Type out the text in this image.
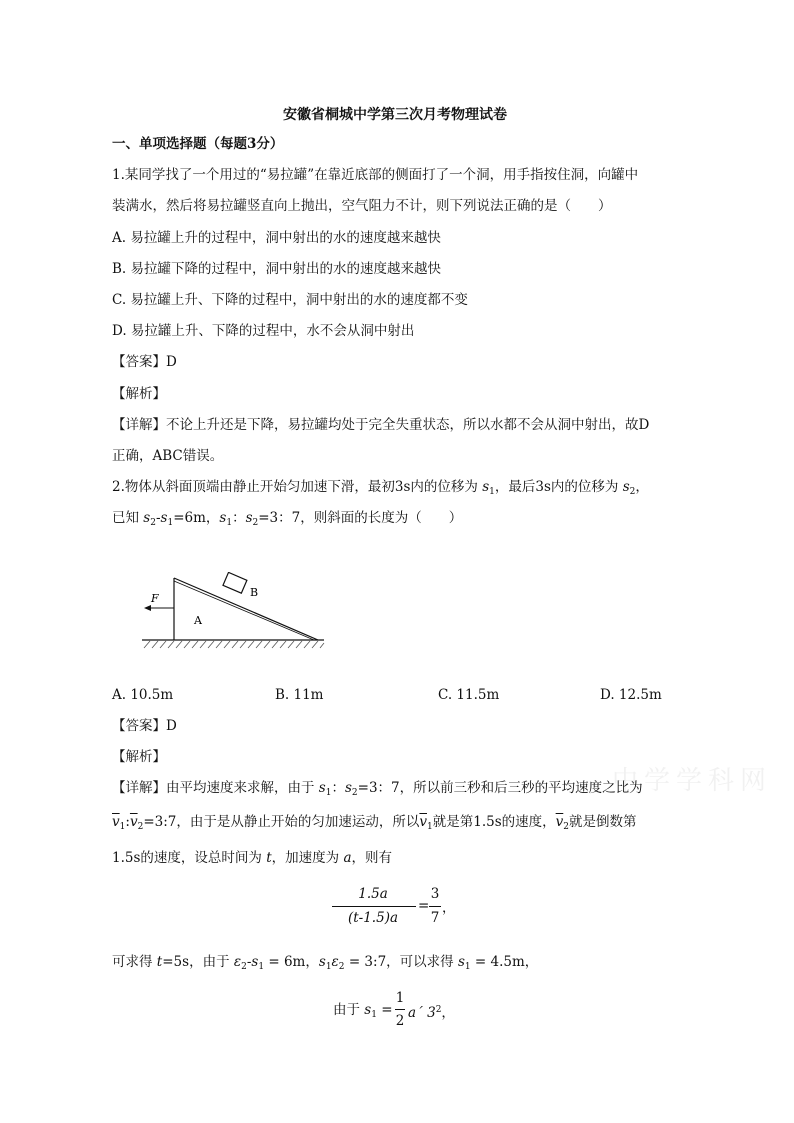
安徽省桐城中学第三次月考物理试卷
一、单项选择题（每题3分）
1.某同学找了一个用过的“易拉罐”在靠近底部的侧面打了一个洞，用手指按住洞，向罐中
装满水，然后将易拉罐竖直向上抛出，空气阻力不计，则下列说法正确的是（　　）
A. 易拉罐上升的过程中，洞中射出的水的速度越来越快
B. 易拉罐下降的过程中，洞中射出的水的速度越来越快
C. 易拉罐上升、下降的过程中，洞中射出的水的速度都不变
D. 易拉罐上升、下降的过程中，水不会从洞中射出
【答案】D
【解析】
【详解】不论上升还是下降，易拉罐均处于完全失重状态，所以水都不会从洞中射出，故D
正确，ABC错误。
2.物体从斜面顶端由静止开始匀加速下滑，最初3s内的位移为 $s_1$，最后3s内的位移为 $s_2$，
已知 $s_2-s_1=6m$，$s_1$：$s_2=3$：7，则斜面的长度为（　　）
F	B
A
A. 10.5m	B. 11m	C. 11.5m	D. 12.5m
【答案】D
【解析】
中学学科网
【详解】由平均速度来求解，由于 $s_1$：$s_2=3$：7，所以前三秒和后三秒的平均速度之比为
$\overline{v}_1:\overline{v}_2=3:7$，由于是从静止开始的匀加速运动，所以$\overline{v}_1$就是第1.5s的速度，$\overline{v}_2$就是倒数第
1.5s的速度，设总时间为 t，加速度为 a，则有
1.5a
(t-1.5)a
=
3
7
，
可求得 t=5s，由于 $\varepsilon_2-s_1 = 6m$，$s_1\varepsilon_2$ = 3:7，可以求得 $s_1 = 4.5m$，
由于 $s_1$ =
1
2 a´ $3^2$，
